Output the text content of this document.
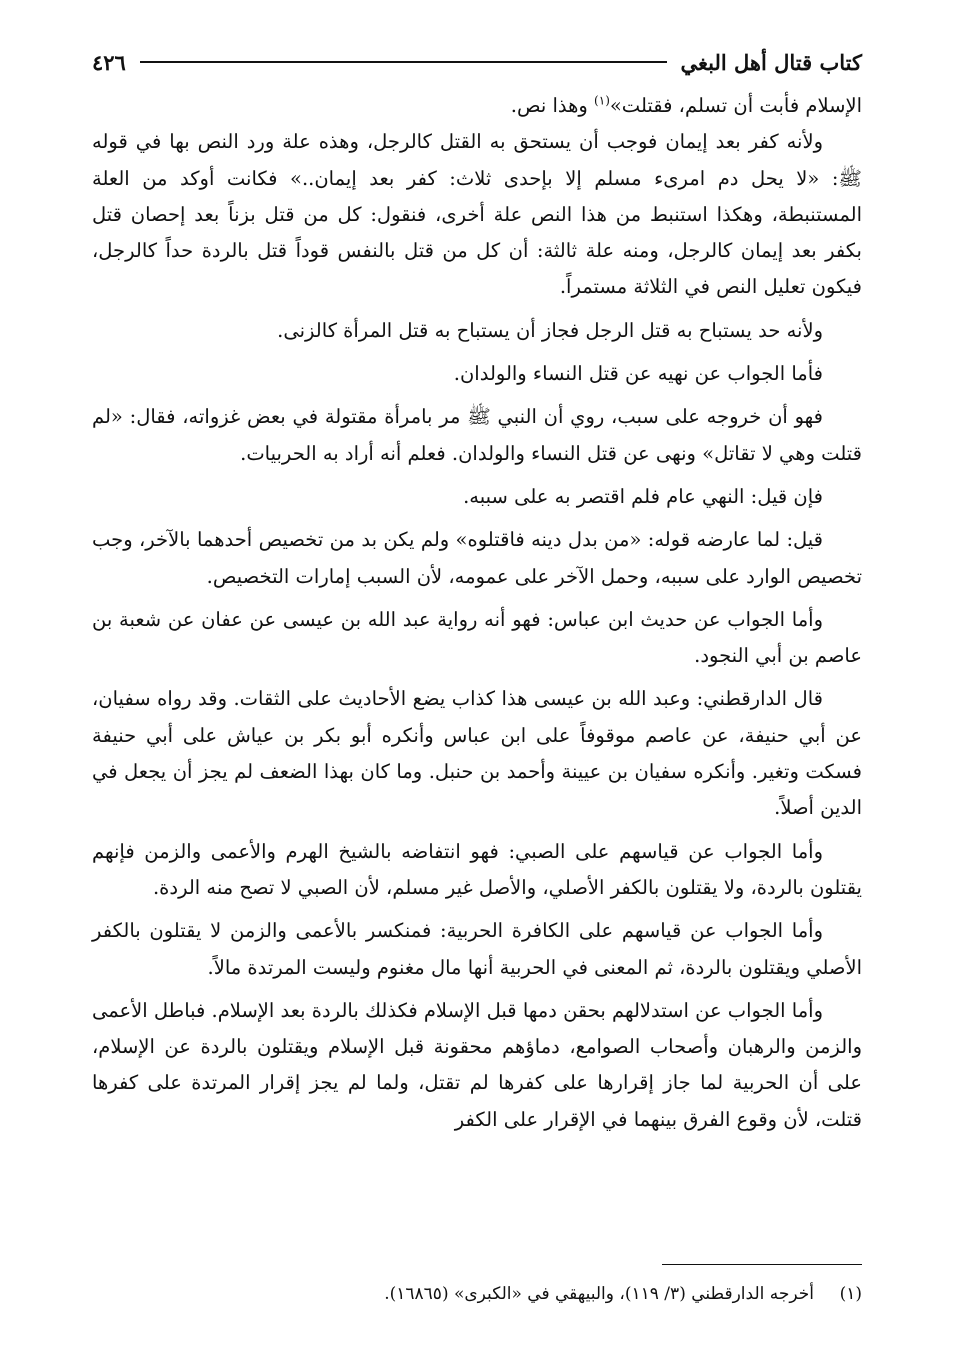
كتاب قتال أهل البغي
٤٢٦

الإسلام فأبت أن تسلم، فقتلت»$^{(١)}$ وهذا نص.

ولأنه كفر بعد إيمان فوجب أن يستحق به القتل كالرجل، وهذه علة ورد النص بها في قوله ﷺ: «لا يحل دم امرىء مسلم إلا بإحدى ثلاث: كفر بعد إيمان..» فكانت أوكد من العلة المستنبطة، وهكذا استنبط من هذا النص علة أخرى، فنقول: كل من قتل بزناً بعد إحصان قتل بكفر بعد إيمان كالرجل، ومنه علة ثالثة: أن كل من قتل بالنفس قوداً قتل بالردة حداً كالرجل، فيكون تعليل النص في الثلاثة مستمراً.

ولأنه حد يستباح به قتل الرجل فجاز أن يستباح به قتل المرأة كالزنى.

فأما الجواب عن نهيه عن قتل النساء والولدان.

فهو أن خروجه على سبب، روي أن النبي ﷺ مر بامرأة مقتولة في بعض غزواته، فقال: «لم قتلت وهي لا تقاتل» ونهى عن قتل النساء والولدان. فعلم أنه أراد به الحربيات.

فإن قيل: النهي عام فلم اقتصر به على سببه.

قيل: لما عارضه قوله: «من بدل دينه فاقتلوه» ولم يكن بد من تخصيص أحدهما بالآخر، وجب تخصيص الوارد على سببه، وحمل الآخر على عمومه، لأن السبب إمارات التخصيص.

وأما الجواب عن حديث ابن عباس: فهو أنه رواية عبد الله بن عيسى عن عفان عن شعبة بن عاصم بن أبي النجود.

قال الدارقطني: وعبد الله بن عيسى هذا كذاب يضع الأحاديث على الثقات. وقد رواه سفيان، عن أبي حنيفة، عن عاصم موقوفاً على ابن عباس وأنكره أبو بكر بن عياش على أبي حنيفة فسكت وتغير. وأنكره سفيان بن عيينة وأحمد بن حنبل. وما كان بهذا الضعف لم يجز أن يجعل في الدين أصلاً.

وأما الجواب عن قياسهم على الصبي: فهو انتفاضه بالشيخ الهرم والأعمى والزمن فإنهم يقتلون بالردة، ولا يقتلون بالكفر الأصلي، والأصل غير مسلم، لأن الصبي لا تصح منه الردة.

وأما الجواب عن قياسهم على الكافرة الحربية: فمنكسر بالأعمى والزمن لا يقتلون بالكفر الأصلي ويقتلون بالردة، ثم المعنى في الحربية أنها مال مغنوم وليست المرتدة مالاً.

وأما الجواب عن استدلالهم بحقن دمها قبل الإسلام فكذلك بالردة بعد الإسلام. فباطل الأعمى والزمن والرهبان وأصحاب الصوامع، دماؤهم محقونة قبل الإسلام ويقتلون بالردة عن الإسلام، على أن الحربية لما جاز إقرارها على كفرها لم تقتل، ولما لم يجز إقرار المرتدة على كفرها قتلت، لأن وقوع الفرق بينهما في الإقرار على الكفر

(١)أخرجه الدارقطني (٣/ ١١٩)، والبيهقي في «الكبرى» (١٦٨٦٥).
